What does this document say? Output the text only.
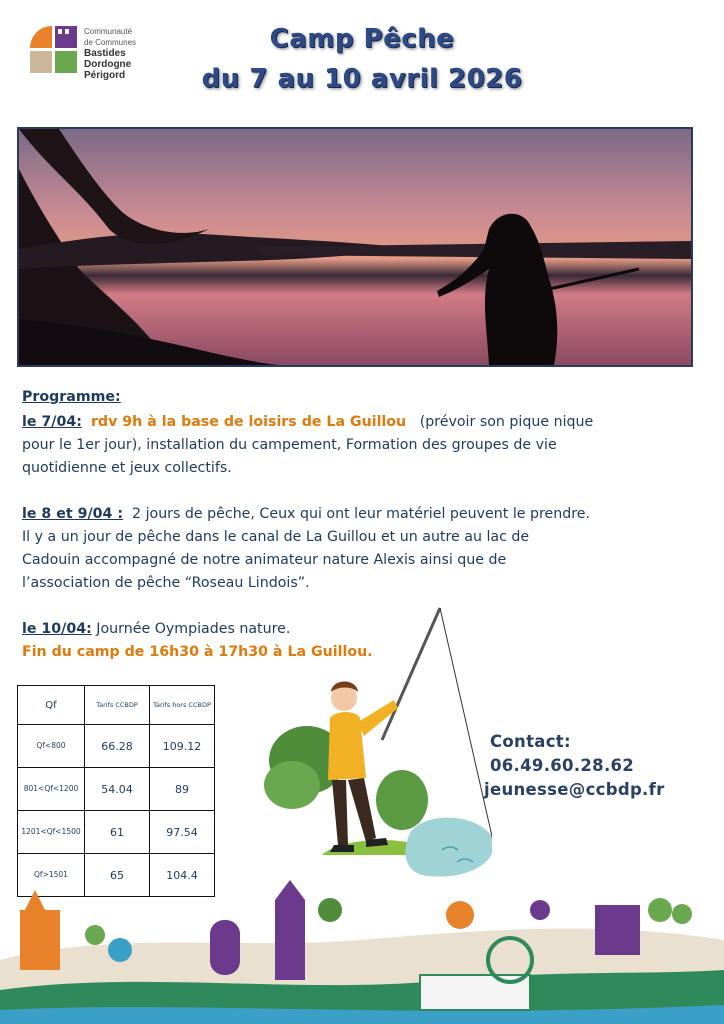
Communauté
de Communes
Bastides
Dordogne
Périgord
Camp Pêche
du 7 au 10 avril 2026
Programme:
le 7/04: rdv 9h à la base de loisirs de La Guillou (prévoir son pique nique
pour le 1er jour), installation du campement, Formation des groupes de vie
quotidienne et jeux collectifs.
le 8 et 9/04 : 2 jours de pêche, Ceux qui ont leur matériel peuvent le prendre.
Il y a un jour de pêche dans le canal de La Guillou et un autre au lac de
Cadouin accompagné de notre animateur nature Alexis ainsi que de
l’association de pêche “Roseau Lindois”.
le 10/04: Journée Oympiades nature.
Fin du camp de 16h30 à 17h30 à La Guillou.
Qf	Tarifs CCBDP	Tarifs hors CCBDP
Qf<800	66.28	109.12
801<Qf<1200	54.04	89
1201<Qf<1500	61	97.54
Qf>1501	65	104.4
Contact:
06.49.60.28.62
jeunesse@ccbdp.fr
